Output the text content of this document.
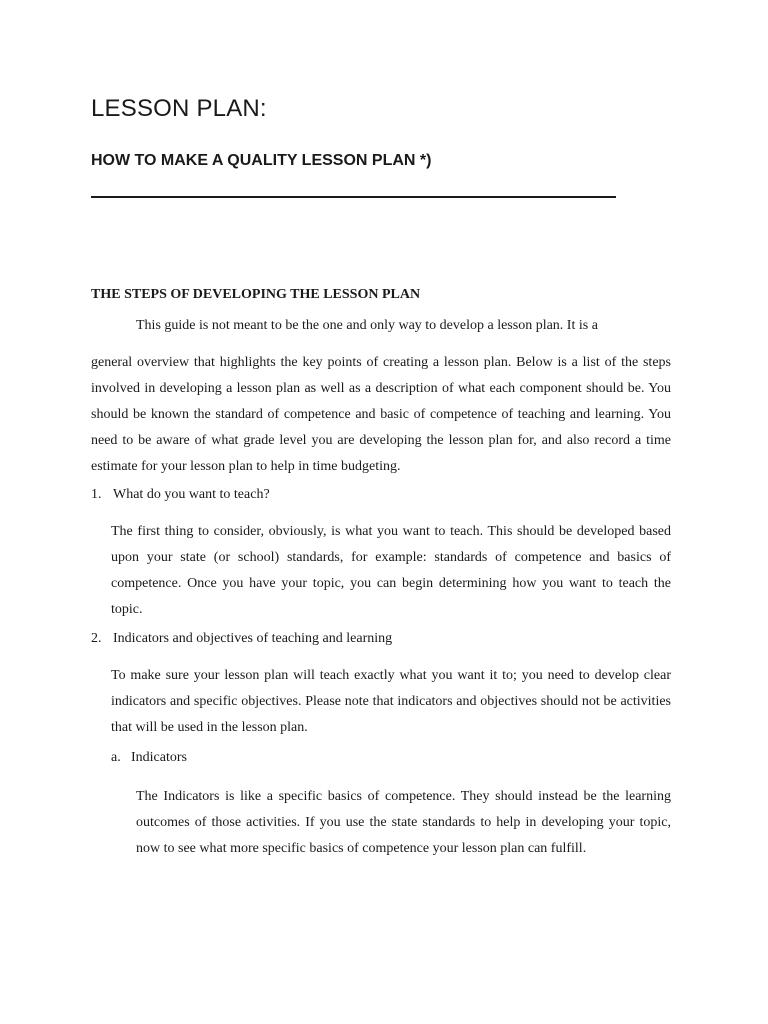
LESSON PLAN:
HOW TO MAKE A QUALITY LESSON PLAN *)
THE STEPS OF DEVELOPING THE LESSON PLAN

This guide is not meant to be the one and only way to develop a lesson plan. It is a

general overview that highlights the key points of creating a lesson plan. Below is a list of the steps involved in developing a lesson plan as well as a description of what each component should be. You should be known the standard of competence and basic of competence of teaching and learning. You need to be aware of what grade level you are developing the lesson plan for, and also record a time estimate for your lesson plan to help in time budgeting.

1. What do you want to teach?

The first thing to consider, obviously, is what you want to teach. This should be developed based upon your state (or school) standards, for example: standards of competence and basics of competence. Once you have your topic, you can begin determining how you want to teach the topic.

2. Indicators and objectives of teaching and learning

To make sure your lesson plan will teach exactly what you want it to; you need to develop clear indicators and specific objectives. Please note that indicators and objectives should not be activities that will be used in the lesson plan.

a. Indicators

The Indicators is like a specific basics of competence. They should instead be the learning outcomes of those activities. If you use the state standards to help in developing your topic, now to see what more specific basics of competence your lesson plan can fulfill.
